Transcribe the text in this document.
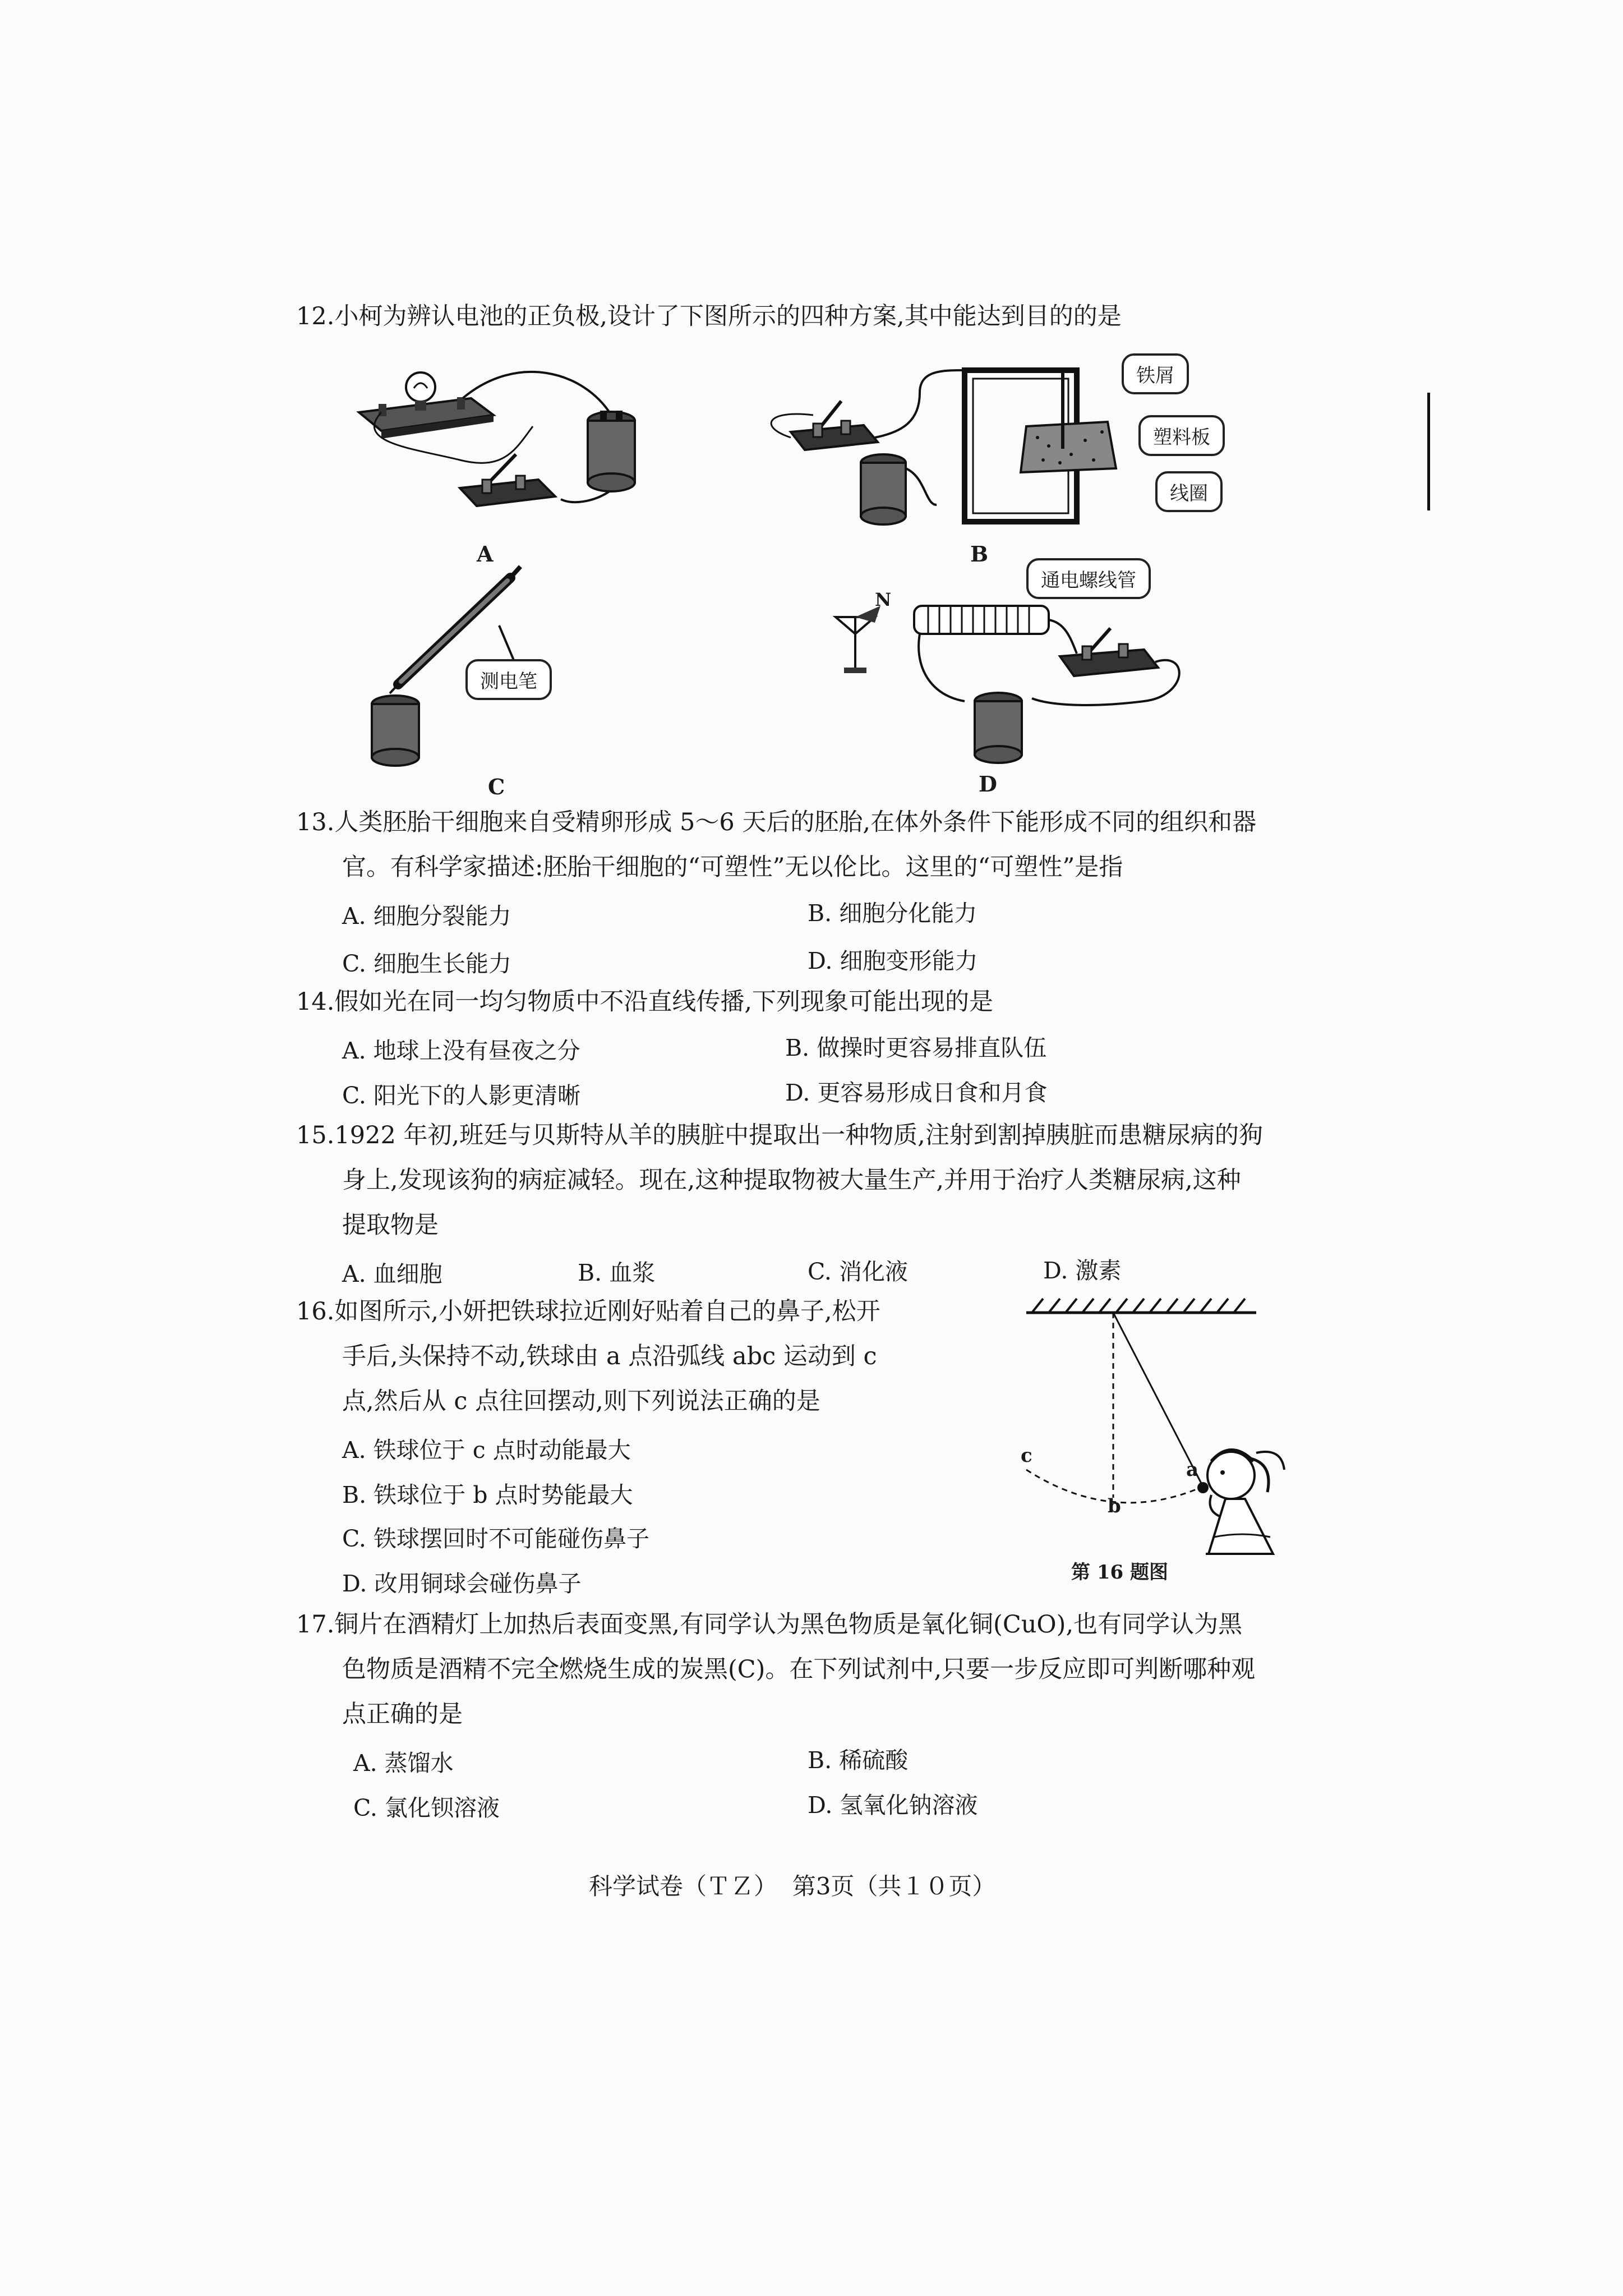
12.小柯为辨认电池的正负极,设计了下图所示的四种方案,其中能达到目的的是
A
铁屑
塑料板
线圈
B
测电笔
C
N
通电螺线管
D
13.人类胚胎干细胞来自受精卵形成 5～6 天后的胚胎,在体外条件下能形成不同的组织和器
官。有科学家描述:胚胎干细胞的“可塑性”无以伦比。这里的“可塑性”是指
A. 细胞分裂能力	B. 细胞分化能力
C. 细胞生长能力	D. 细胞变形能力
14.假如光在同一均匀物质中不沿直线传播,下列现象可能出现的是
A. 地球上没有昼夜之分	B. 做操时更容易排直队伍
C. 阳光下的人影更清晰	D. 更容易形成日食和月食
15.1922 年初,班廷与贝斯特从羊的胰脏中提取出一种物质,注射到割掉胰脏而患糖尿病的狗
身上,发现该狗的病症减轻。现在,这种提取物被大量生产,并用于治疗人类糖尿病,这种
提取物是
A. 血细胞	B. 血浆	C. 消化液	D. 激素
16.如图所示,小妍把铁球拉近刚好贴着自己的鼻子,松开
手后,头保持不动,铁球由 a 点沿弧线 abc 运动到 c
点,然后从 c 点往回摆动,则下列说法正确的是
A. 铁球位于 c 点时动能最大
B. 铁球位于 b 点时势能最大
C. 铁球摆回时不可能碰伤鼻子
D. 改用铜球会碰伤鼻子
c
b
a
第 16 题图
17.铜片在酒精灯上加热后表面变黑,有同学认为黑色物质是氧化铜(CuO),也有同学认为黑
色物质是酒精不完全燃烧生成的炭黑(C)。在下列试剂中,只要一步反应即可判断哪种观
点正确的是
A. 蒸馏水	B. 稀硫酸
C. 氯化钡溶液	D. 氢氧化钠溶液
科学试卷（ＴＺ）  第3页（共１０页）
